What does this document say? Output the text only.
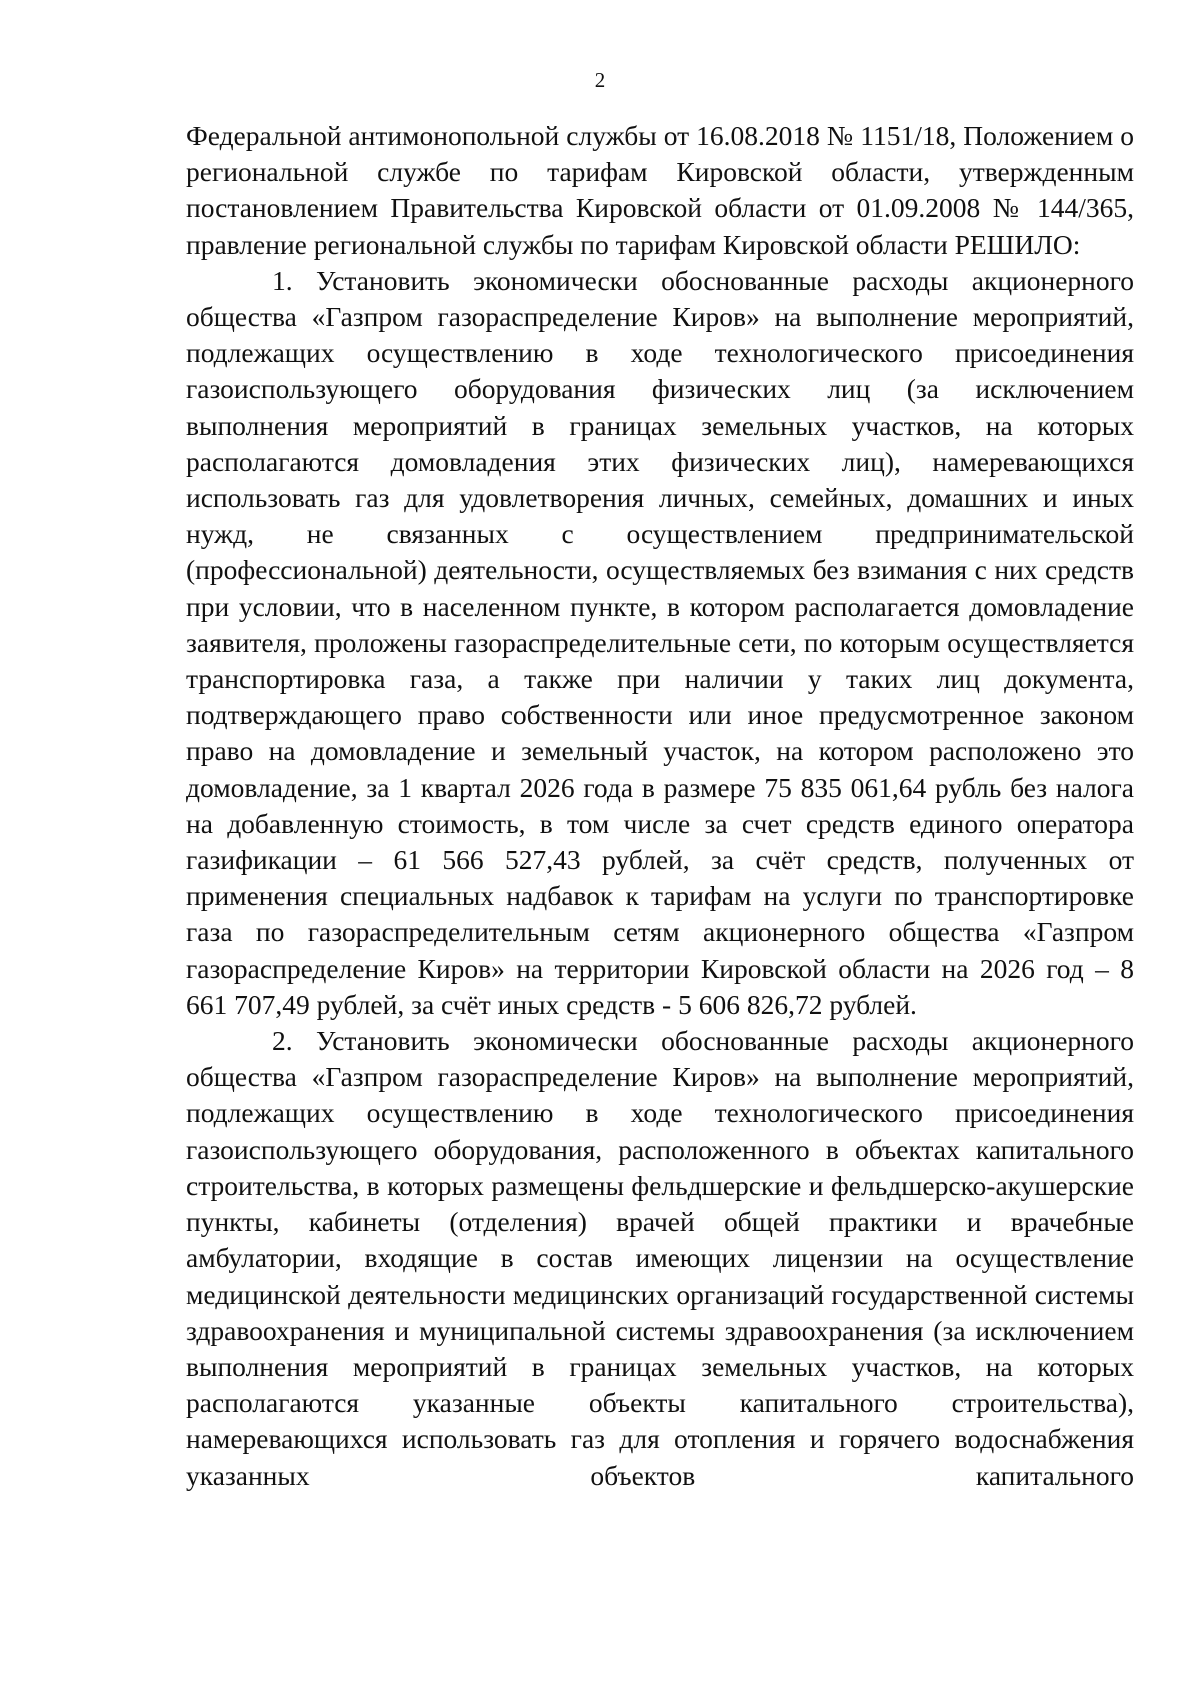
2

Федеральной антимонопольной службы от 16.08.2018 № 1151/18, Положением о региональной службе по тарифам Кировской области, утвержденным постановлением Правительства Кировской области от 01.09.2008 № 144/365, правление региональной службы по тарифам Кировской области РЕШИЛО:

1. Установить экономически обоснованные расходы акционерного общества «Газпром газораспределение Киров» на выполнение мероприятий, подлежащих осуществлению в ходе технологического присоединения газоиспользующего оборудования физических лиц (за исключением выполнения мероприятий в границах земельных участков, на которых располагаются домовладения этих физических лиц), намеревающихся использовать газ для удовлетворения личных, семейных, домашних и иных нужд, не связанных с осуществлением предпринимательской (профессиональной) деятельности, осуществляемых без взимания с них средств при условии, что в населенном пункте, в котором располагается домовладение заявителя, проложены газораспределительные сети, по которым осуществляется транспортировка газа, а также при наличии у таких лиц документа, подтверждающего право собственности или иное предусмотренное законом право на домовладение и земельный участок, на котором расположено это домовладение, за 1 квартал 2026 года в размере 75 835 061,64 рубль без налога на добавленную стоимость, в том числе за счет средств единого оператора газификации – 61 566 527,43 рублей, за счёт средств, полученных от применения специальных надбавок к тарифам на услуги по транспортировке газа по газораспределительным сетям акционерного общества «Газпром газораспределение Киров» на территории Кировской области на 2026 год – 8 661 707,49 рублей, за счёт иных средств - 5 606 826,72 рублей.

2. Установить экономически обоснованные расходы акционерного общества «Газпром газораспределение Киров» на выполнение мероприятий, подлежащих осуществлению в ходе технологического присоединения газоиспользующего оборудования, расположенного в объектах капитального строительства, в которых размещены фельдшерские и фельдшерско-акушерские пункты, кабинеты (отделения) врачей общей практики и врачебные амбулатории, входящие в состав имеющих лицензии на осуществление медицинской деятельности медицинских организаций государственной системы здравоохранения и муниципальной системы здравоохранения (за исключением выполнения мероприятий в границах земельных участков, на которых располагаются указанные объекты капитального строительства), намеревающихся использовать газ для отопления и горячего водоснабжения указанных объектов капитального
